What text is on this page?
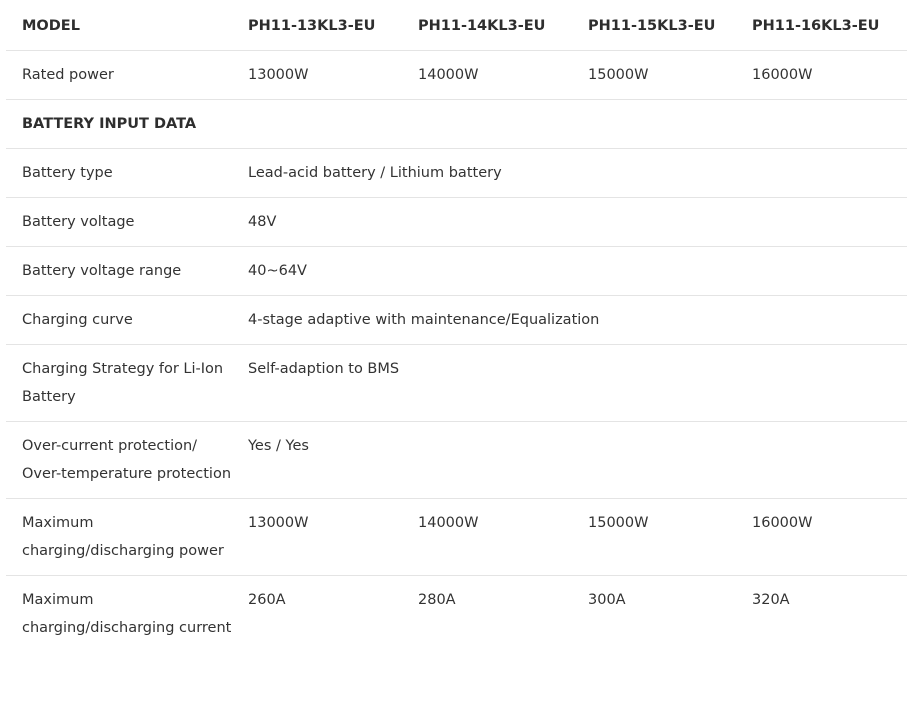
MODEL	PH11-13KL3-EU	PH11-14KL3-EU	PH11-15KL3-EU	PH11-16KL3-EU
Rated power	13000W	14000W	15000W	16000W
BATTERY INPUT DATA				
Battery type	Lead-acid battery / Lithium battery			
Battery voltage	48V			
Battery voltage range	40~64V			
Charging curve	4-stage adaptive with maintenance/Equalization			
Charging Strategy for Li-Ion Battery	Self-adaption to BMS			
Over-current protection/ Over-temperature protection	Yes / Yes			
Maximum charging/discharging power	13000W	14000W	15000W	16000W
Maximum charging/discharging current	260A	280A	300A	320A
